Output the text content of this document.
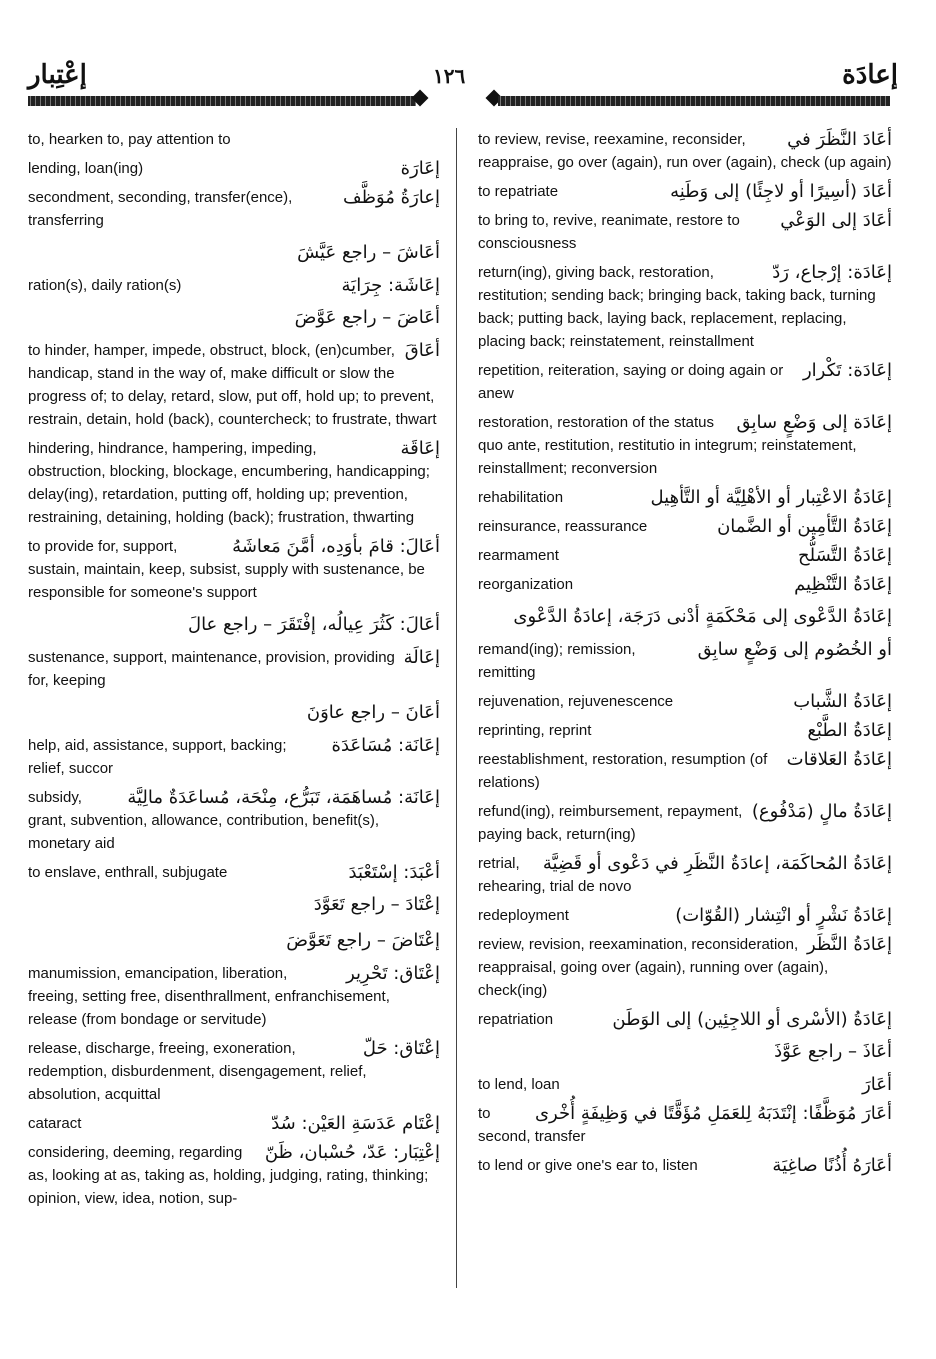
إعْتِبار	١٢٦	إعادَة
to, hearken to, pay attention to
إعَارَة
lending, loan(ing)
إعارَةُ مُوَظَّف
secondment, seconding, transfer(ence), transferring
أعَاشَ – راجع عَيَّشَ
إعَاشَة: جِرَايَة
ration(s), daily ration(s)
أعَاضَ – راجع عَوَّضَ
أعَاقَ
to hinder, hamper, impede, obstruct, block, (en)cumber, handicap, stand in the way of, make difficult or slow the progress of; to delay, retard, slow, put off, hold up; to prevent, restrain, detain, hold (back), countercheck; to frustrate, thwart
إعَاقَة
hindering, hindrance, hampering, impeding, obstruction, blocking, blockage, encumbering, handicapping; delay(ing), retardation, putting off, holding up; prevention, restraining, detaining, holding (back); frustration, thwarting
أعَالَ: قامَ بأوَدِه، أمَّنَ مَعاشَهُ
to provide for, support, sustain, maintain, keep, subsist, supply with sustenance, be responsible for someone's support
أعَالَ: كَثُرَ عِيالُه، إفْتَقَرَ – راجع عالَ
إعَالَة
sustenance, support, maintenance, provision, providing for, keeping
أعَانَ – راجع عاوَنَ
إعَانَة: مُسَاعَدَة
help, aid, assistance, support, backing; relief, succor
إعَانَة: مُساهَمَة، تَبَرُّع، مِنْحَة، مُساعَدَةٌ مالِيَّة
subsidy, grant, subvention, allowance, contribution, benefit(s), monetary aid
أعْبَدَ: إسْتَعْبَدَ
to enslave, enthrall, subjugate
إعْتَادَ – راجع تَعَوَّدَ
إعْتَاضَ – راجع تَعَوَّضَ
إعْتَاق: تَحْرِير
manumission, emancipation, liberation, freeing, setting free, disenthrallment, enfranchisement, release (from bondage or servitude)
إعْتَاق: حَلّ
release, discharge, freeing, exoneration, redemption, disburdenment, disengagement, relief, absolution, acquittal
إعْتَام عَدَسَةِ العَيْن: سُدّ
cataract
إعْتِبَار: عَدّ، حُسْبان، ظَنّ
considering, deeming, regarding as, looking at as, taking as, holding, judging, rating, thinking; opinion, view, idea, notion, sup-
أعَادَ النَّظَرَ في
to review, revise, reexamine, reconsider, reappraise, go over (again), run over (again), check (up again)
أعَادَ (أسِيرًا أو لاجِئًا) إلى وَطَنِه
to repatriate
أعَادَ إلى الوَعْي
to bring to, revive, reanimate, restore to consciousness
إعَادَة: إرْجاع، رَدّ
return(ing), giving back, restoration, restitution; sending back; bringing back, taking back, turning back; putting back, laying back, replacement, replacing, placing back; reinstatement, reinstallment
إعَادَة: تَكْرار
repetition, reiteration, saying or doing again or anew
إعَادَة إلى وَضْعٍ سابِق
restoration, restoration of the status quo ante, restitution, restitutio in integrum; reinstatement, reinstallment; reconversion
إعَادَةُ الاعْتِبار أو الأهْلِيَّة أو التَّأهِيل
rehabilitation
إعَادَةُ التَّأمِين أو الضَّمان
reinsurance, reassurance
إعَادَةُ التَّسَلُّح
rearmament
إعَادَةُ التَّنْظِيم
reorganization
إعَادَةُ الدَّعْوى إلى مَحْكَمَةٍ أدْنى دَرَجَة، إعادَةُ الدَّعْوى
أو الخُصُوم إلى وَضْعٍ سابِق
remand(ing); remission, remitting
إعَادَةُ الشَّباب
rejuvenation, rejuvenescence
إعَادَةُ الطَّبْع
reprinting, reprint
إعَادَةُ العَلاقات
reestablishment, restoration, resumption (of relations)
إعَادَةُ مالٍ (مَدْفُوع)
refund(ing), reimbursement, repayment, paying back, return(ing)
إعَادَةُ المُحاكَمَة، إعادَةُ النَّظَرِ في دَعْوى أو قَضِيَّة
retrial, rehearing, trial de novo
إعَادَةُ نَشْرٍ أو انْتِشار (القُوّات)
redeployment
إعَادَةُ النَّظَر
review, revision, reexamination, reconsideration, reappraisal, going over (again), running over (again), check(ing)
إعَادَةُ (الأسْرى أو اللاجِئِين) إلى الوَطَن
repatriation
أعَاذَ – راجع عَوَّذَ
أعَارَ
to lend, loan
أعَارَ مُوَظَّفًا: إنْتَدَبَهُ لِلعَمَلِ مُؤَقَّتًا في وَظِيفَةٍ أُخْرى
to second, transfer
أعَارَهُ أُذُنًا صاغِيَة
to lend or give one's ear to, listen
